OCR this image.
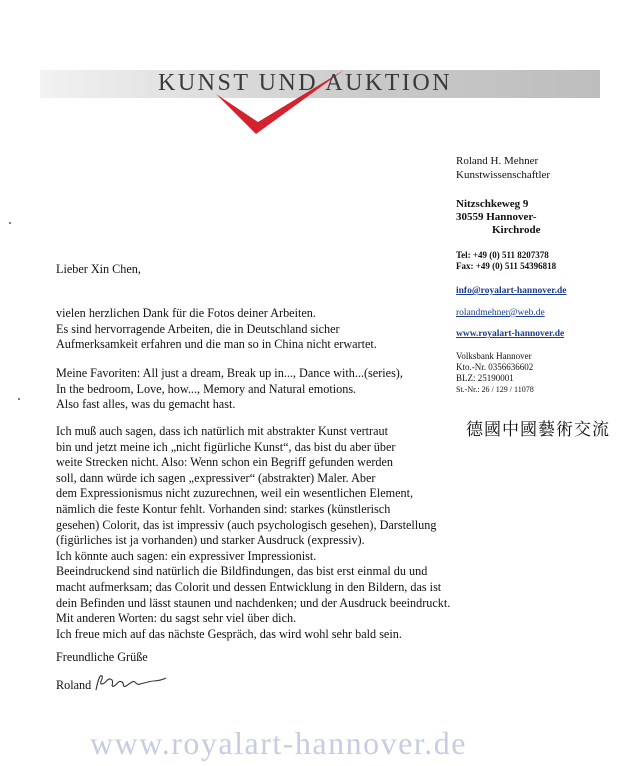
KUNST UND AUKTION
Roland H. Mehner
Kunstwissenschaftler
Nitzschkeweg 9
30559 Hannover-
Kirchrode
Tel: +49 (0) 511 8207378
Fax: +49 (0) 511 54396818
info@royalart-hannover.de
rolandmehner@web.de
www.royalart-hannover.de
Volksbank Hannover
Kto.-Nr. 0356636602
BLZ: 25190001
St.-Nr.: 26 / 129 / 11078
德國中國藝術交流
Lieber Xin Chen,
vielen herzlichen Dank für die Fotos deiner Arbeiten.
Es sind hervorragende Arbeiten, die in Deutschland sicher
Aufmerksamkeit erfahren und die man so in China nicht erwartet.
Meine Favoriten: All just a dream, Break up in..., Dance with...(series),
In the bedroom, Love, how..., Memory and Natural emotions.
Also fast alles, was du gemacht hast.
Ich muß auch sagen, dass ich natürlich mit abstrakter Kunst vertraut
bin und jetzt meine ich „nicht figürliche Kunst“, das bist du aber über
weite Strecken nicht. Also: Wenn schon ein Begriff gefunden werden
soll, dann würde ich sagen „expressiver“ (abstrakter) Maler. Aber
dem Expressionismus nicht zuzurechnen, weil ein wesentlichen Element,
nämlich die feste Kontur fehlt. Vorhanden sind: starkes (künstlerisch
gesehen) Colorit, das ist impressiv (auch psychologisch gesehen), Darstellung
(figürliches ist ja vorhanden) und starker Ausdruck (expressiv).
Ich könnte auch sagen: ein expressiver Impressionist.
Beeindruckend sind natürlich die Bildfindungen, das bist erst einmal du und
macht aufmerksam; das Colorit und dessen Entwicklung in den Bildern, das ist
dein Befinden und lässt staunen und nachdenken; und der Ausdruck beeindruckt.
Mit anderen Worten: du sagst sehr viel über dich.
Ich freue mich auf das nächste Gespräch, das wird wohl sehr bald sein.
Freundliche Grüße
Roland
www.royalart-hannover.de
